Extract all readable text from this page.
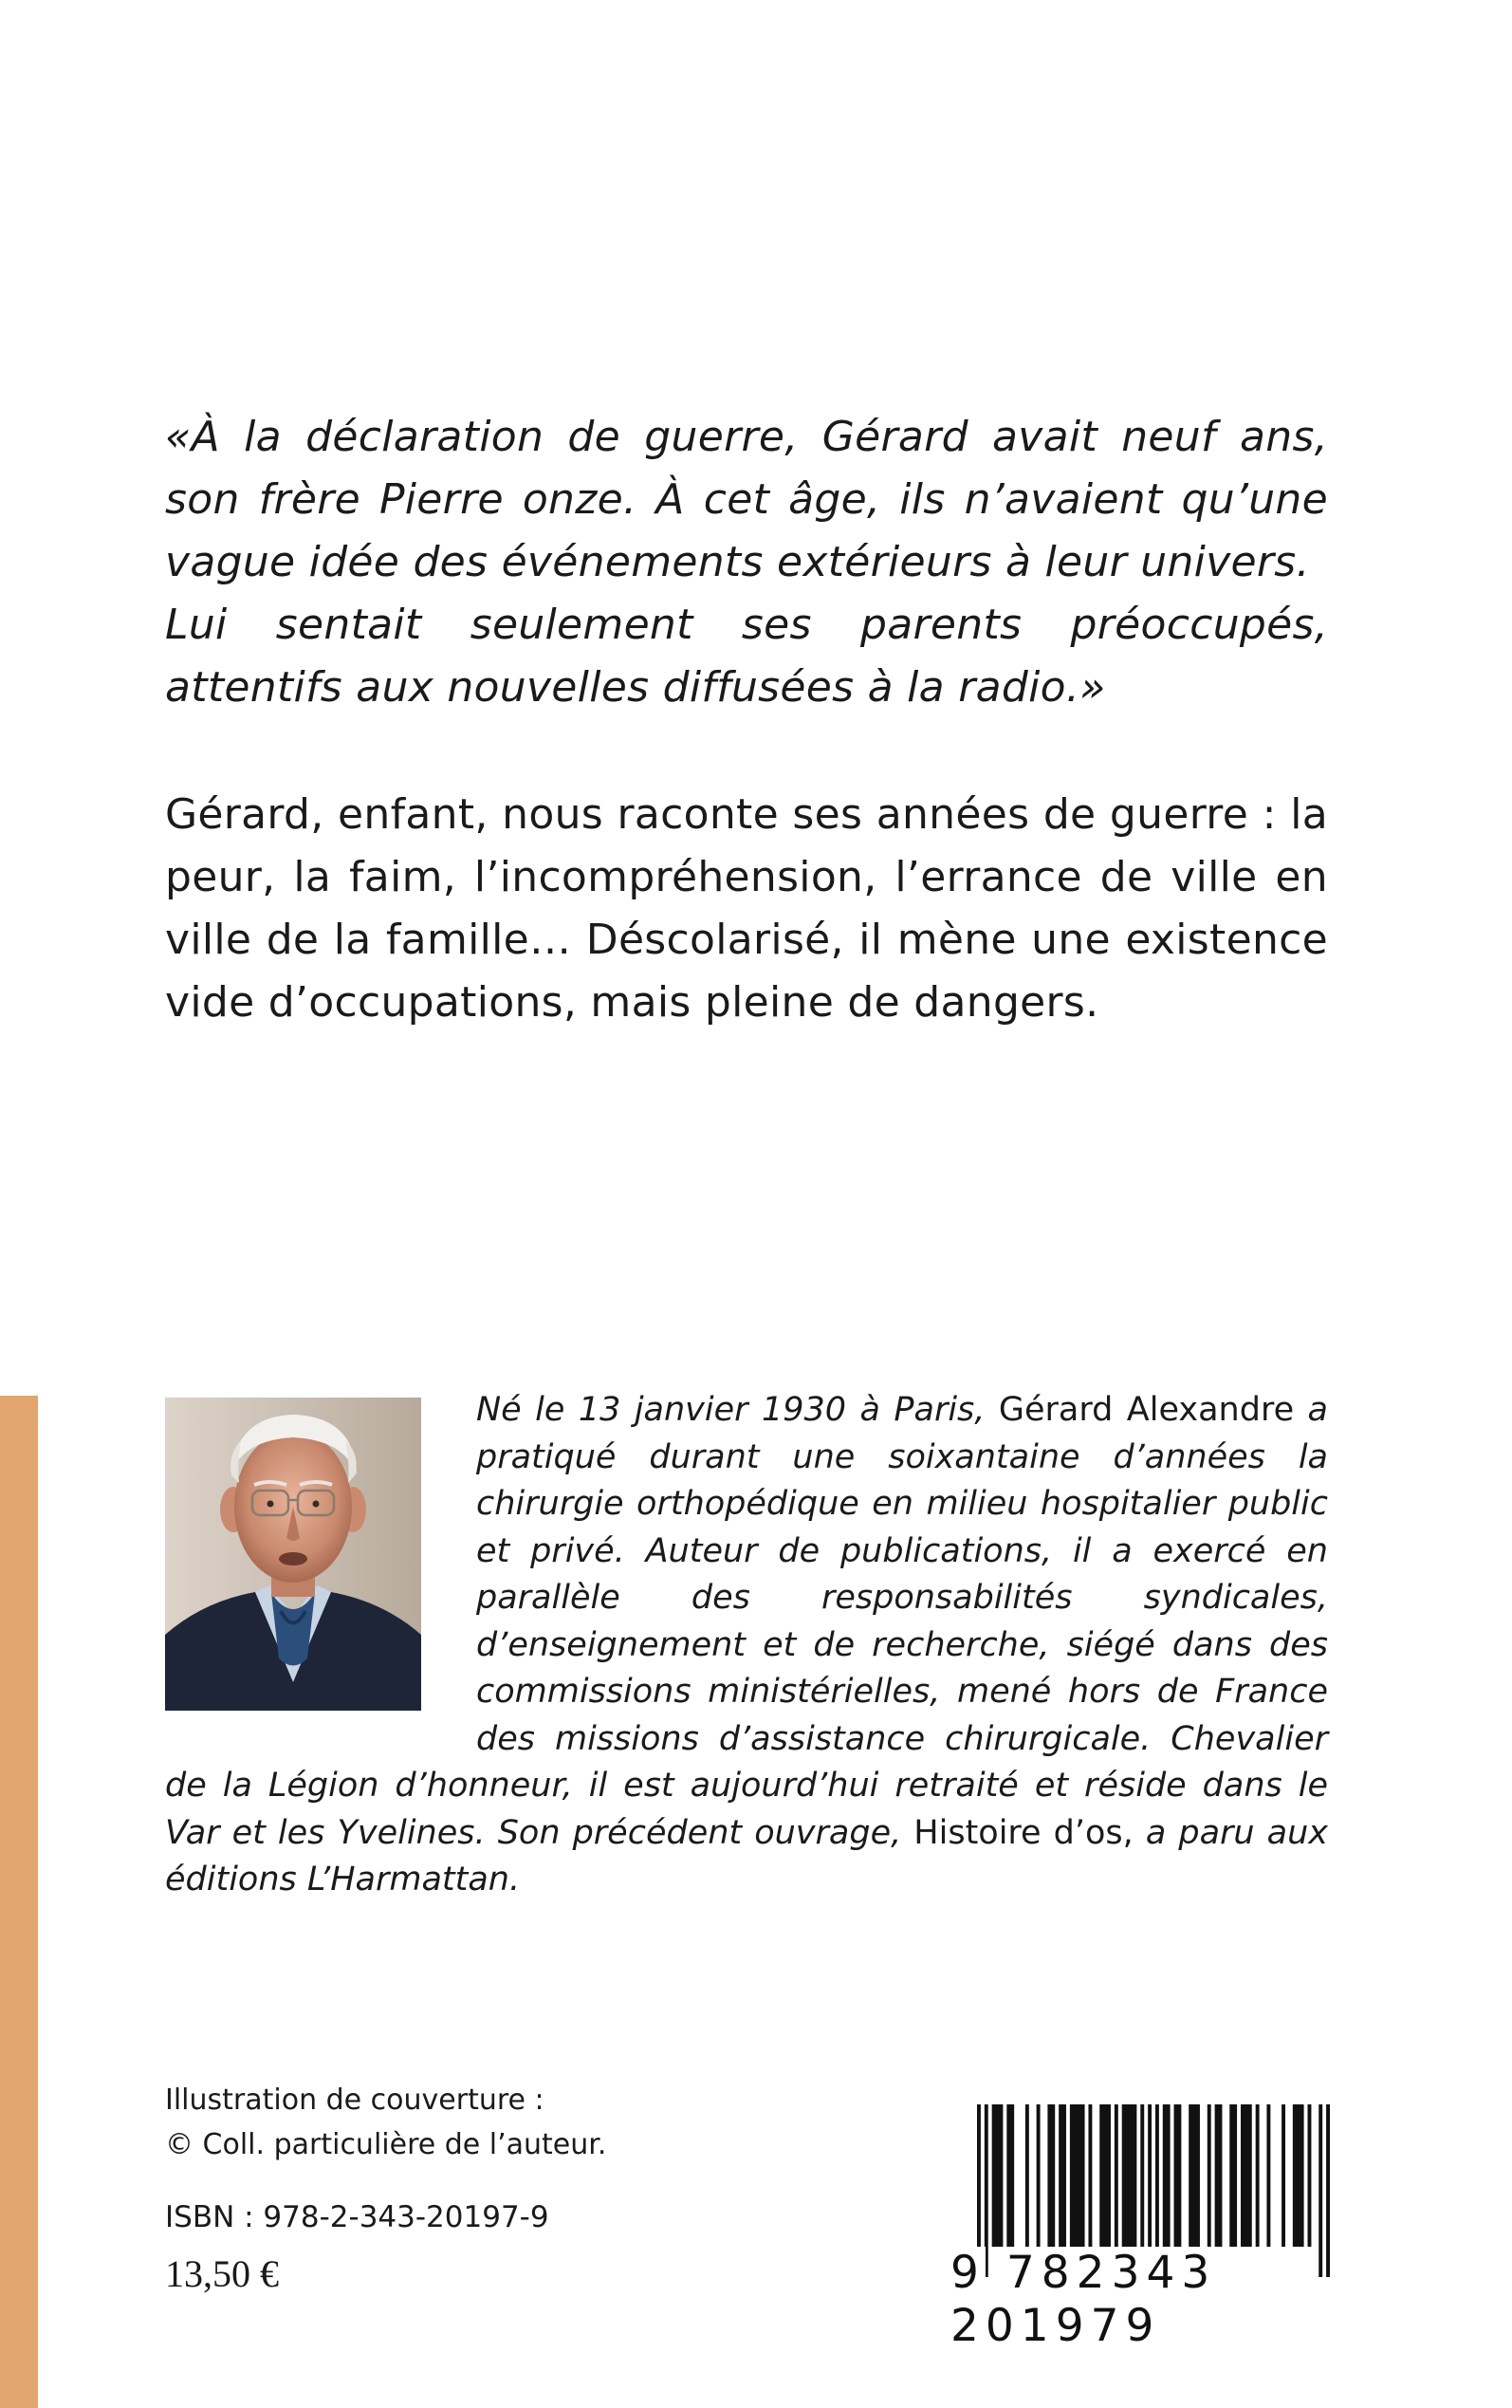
«À la déclaration de guerre, Gérard avait neuf ans, son frère Pierre onze. À cet âge, ils n’avaient qu’une vague idée des événements extérieurs à leur univers.

Lui sentait seulement ses parents préoccupés, attentifs aux nouvelles diffusées à la radio.»

Gérard, enfant, nous raconte ses années de guerre : la peur, la faim, l’incompréhension, l’errance de ville en ville de la famille… Déscolarisé, il mène une existence vide d’occupations, mais pleine de dangers.

Né le 13 janvier 1930 à Paris, Gérard Alexandre a pratiqué durant une soixantaine d’années la chirurgie orthopédique en milieu hospitalier public et privé. Auteur de publications, il a exercé en parallèle des responsabilités syndicales, d’enseignement et de recherche, siégé dans des commissions ministérielles, mené hors de France des missions d’assistance chirurgicale. Chevalier de la Légion d’honneur, il est aujourd’hui retraité et réside dans le Var et les Yvelines. Son précédent ouvrage, Histoire d’os, a paru aux éditions L’Harmattan.
Illustration de couverture :
© Coll. particulière de l’auteur.
ISBN : 978-2-343-20197-9
13,50 €	9 782343 201979
